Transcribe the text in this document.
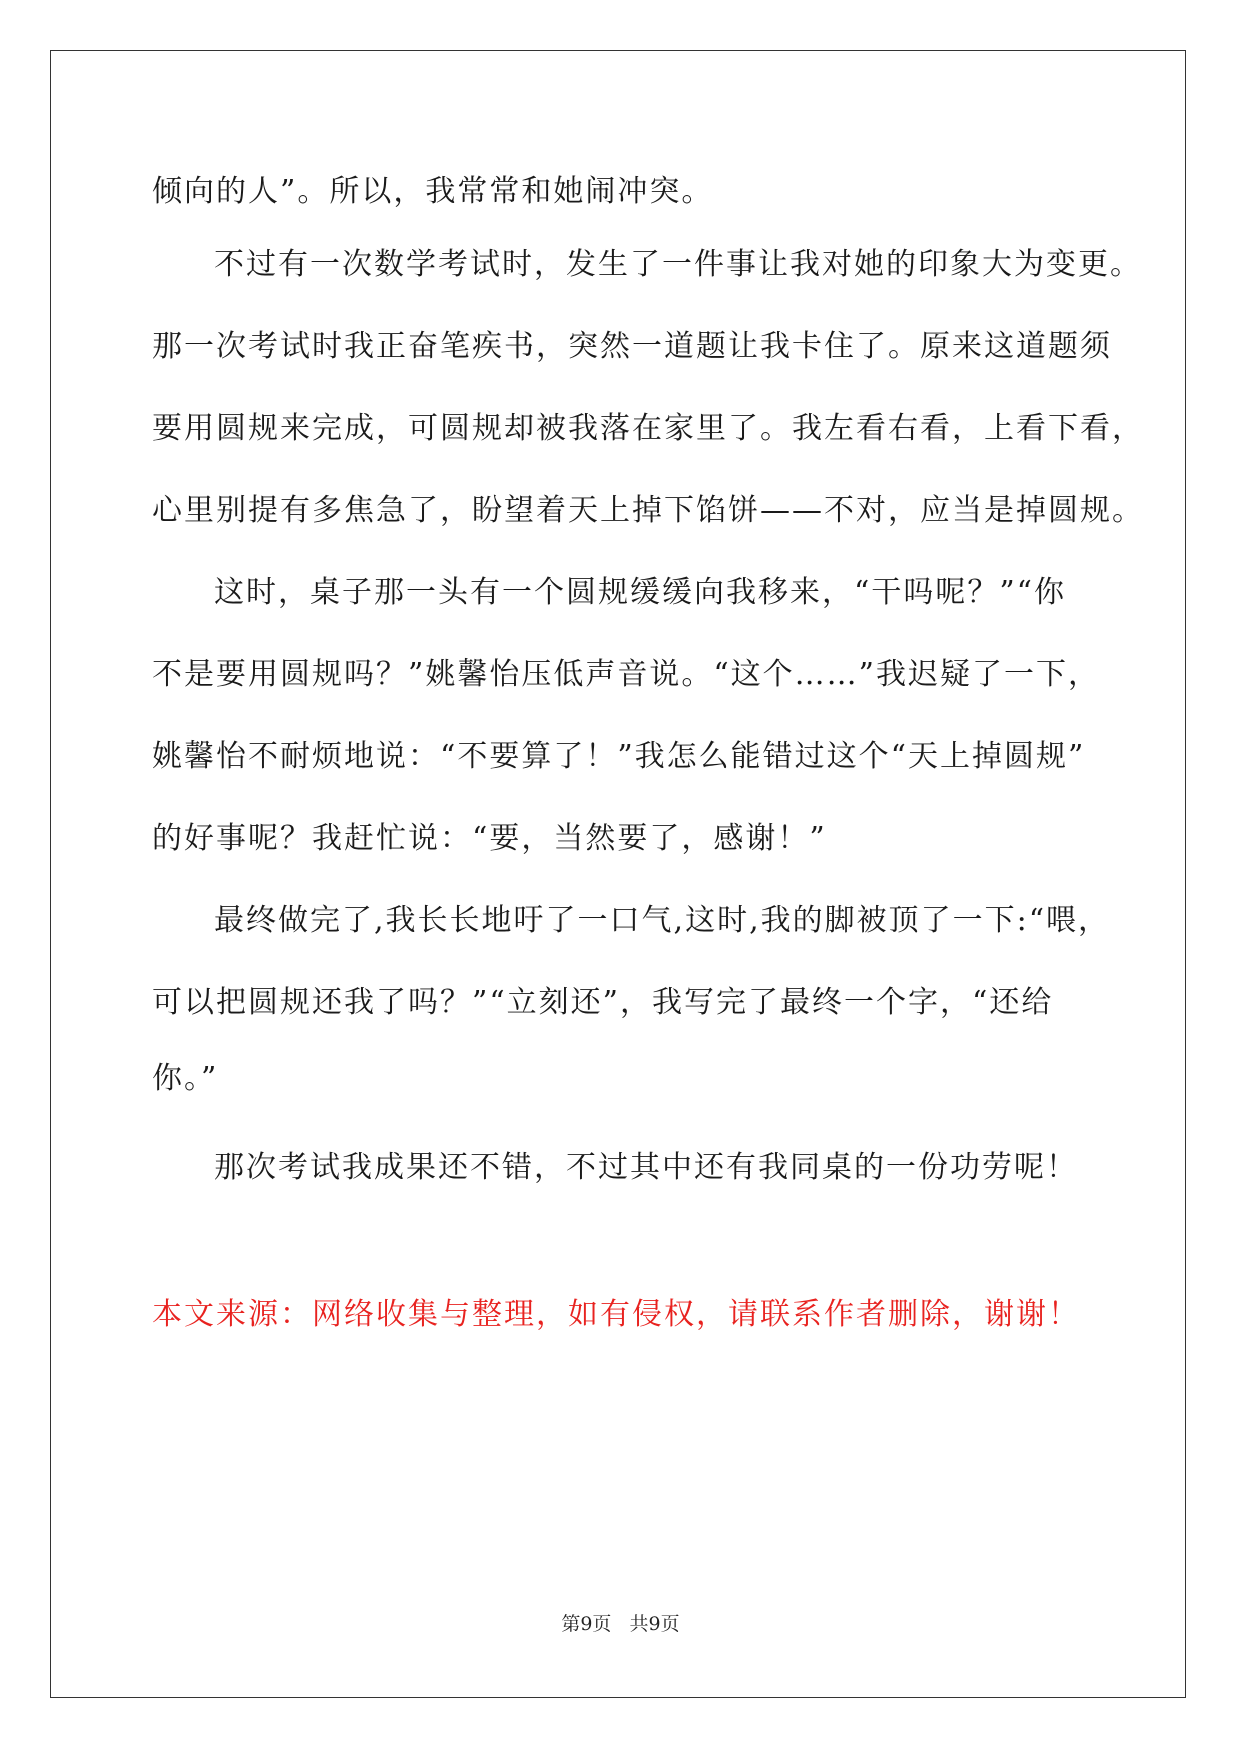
倾向的人”。所以，我常常和她闹冲突。

不过有一次数学考试时，发生了一件事让我对她的印象大为变更。

那一次考试时我正奋笔疾书，突然一道题让我卡住了。原来这道题须

要用圆规来完成，可圆规却被我落在家里了。我左看右看，上看下看，

心里别提有多焦急了，盼望着天上掉下馅饼——不对，应当是掉圆规。

这时，桌子那一头有一个圆规缓缓向我移来，“干吗呢？”“你

不是要用圆规吗？”姚馨怡压低声音说。“这个……”我迟疑了一下，

姚馨怡不耐烦地说：“不要算了！”我怎么能错过这个“天上掉圆规”

的好事呢？我赶忙说：“要，当然要了，感谢！”

最终做完了,我长长地吁了一口气,这时,我的脚被顶了一下:“喂，

可以把圆规还我了吗？”“立刻还”，我写完了最终一个字，“还给

你。”

那次考试我成果还不错，不过其中还有我同桌的一份功劳呢！

本文来源：网络收集与整理，如有侵权，请联系作者删除，谢谢！

第9页   共9页
